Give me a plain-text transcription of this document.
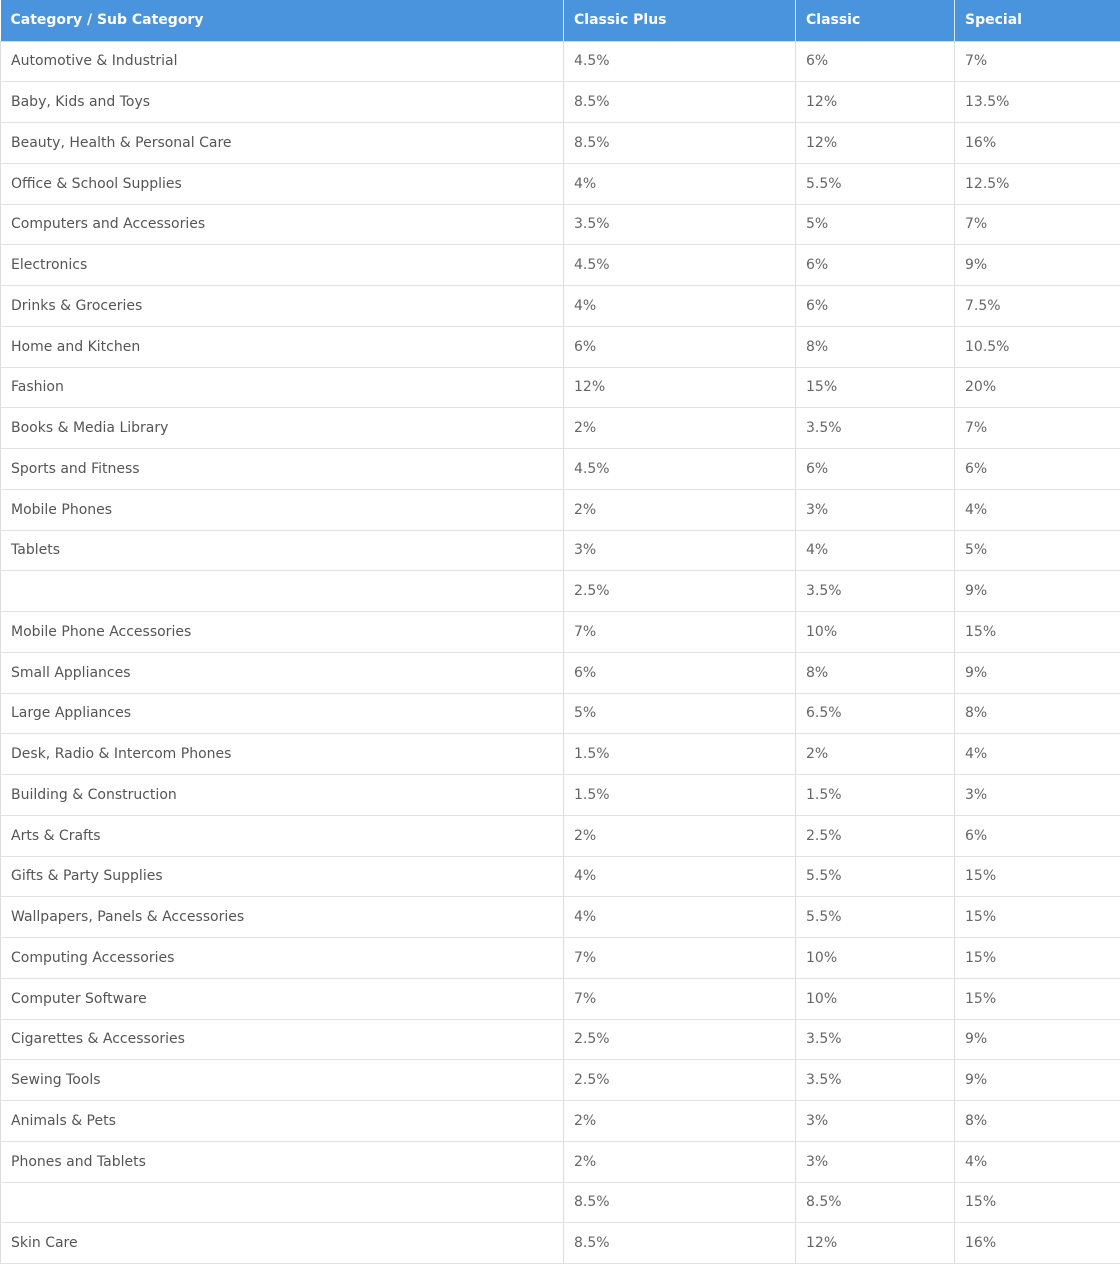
Category / Sub Category	Classic Plus	Classic	Special
Automotive & Industrial	4.5%	6%	7%
Baby, Kids and Toys	8.5%	12%	13.5%
Beauty, Health & Personal Care	8.5%	12%	16%
Office & School Supplies	4%	5.5%	12.5%
Computers and Accessories	3.5%	5%	7%
Electronics	4.5%	6%	9%
Drinks & Groceries	4%	6%	7.5%
Home and Kitchen	6%	8%	10.5%
Fashion	12%	15%	20%
Books & Media Library	2%	3.5%	7%
Sports and Fitness	4.5%	6%	6%
Mobile Phones	2%	3%	4%
Tablets	3%	4%	5%
	2.5%	3.5%	9%
Mobile Phone Accessories	7%	10%	15%
Small Appliances	6%	8%	9%
Large Appliances	5%	6.5%	8%
Desk, Radio & Intercom Phones	1.5%	2%	4%
Building & Construction	1.5%	1.5%	3%
Arts & Crafts	2%	2.5%	6%
Gifts & Party Supplies	4%	5.5%	15%
Wallpapers, Panels & Accessories	4%	5.5%	15%
Computing Accessories	7%	10%	15%
Computer Software	7%	10%	15%
Cigarettes & Accessories	2.5%	3.5%	9%
Sewing Tools	2.5%	3.5%	9%
Animals & Pets	2%	3%	8%
Phones and Tablets	2%	3%	4%
	8.5%	8.5%	15%
Skin Care	8.5%	12%	16%
